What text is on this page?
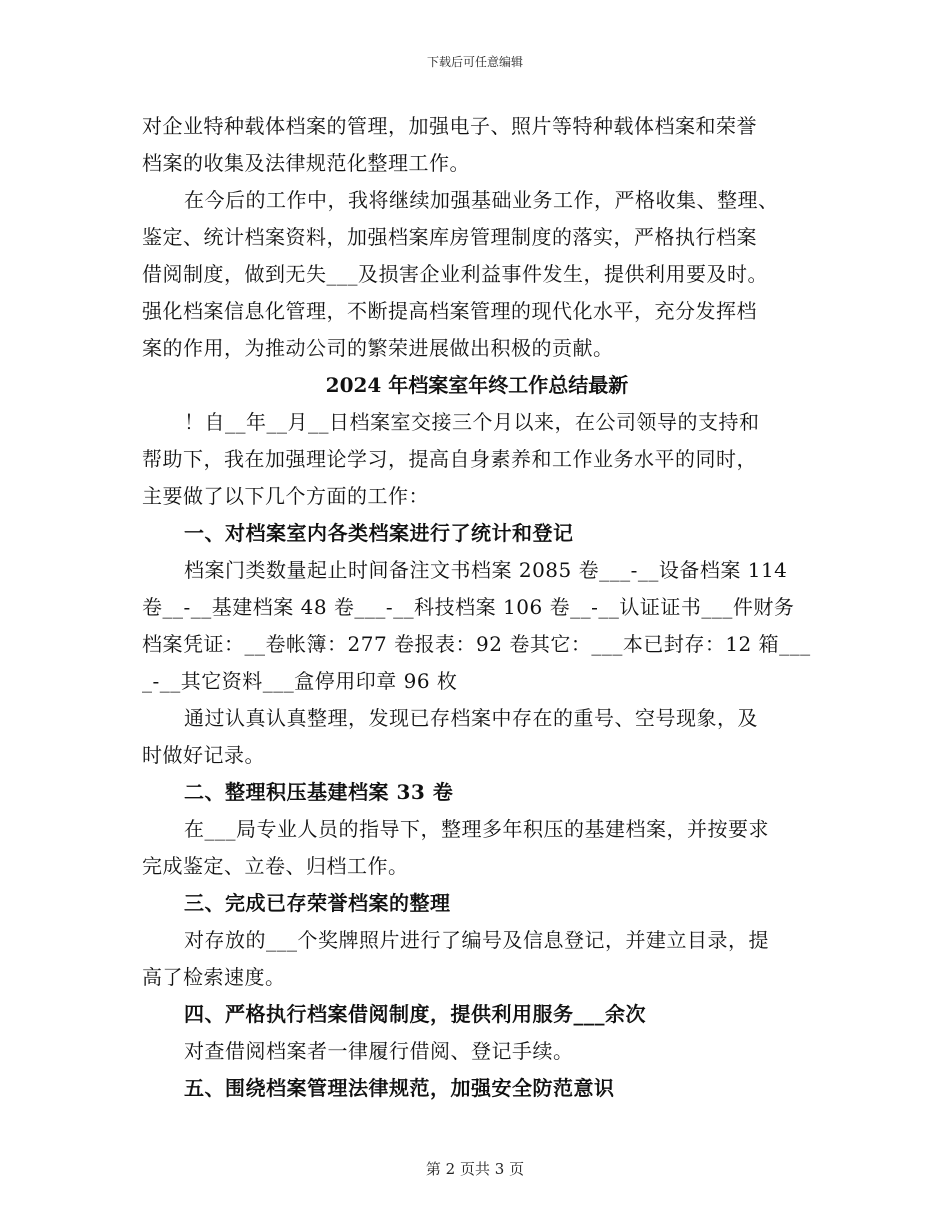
下载后可任意编辑
对企业特种载体档案的管理，加强电子、照片等特种载体档案和荣誉
档案的收集及法律规范化整理工作。
在今后的工作中，我将继续加强基础业务工作，严格收集、整理、
鉴定、统计档案资料，加强档案库房管理制度的落实，严格执行档案
借阅制度，做到无失___及损害企业利益事件发生，提供利用要及时。
强化档案信息化管理，不断提高档案管理的现代化水平，充分发挥档
案的作用，为推动公司的繁荣进展做出积极的贡献。
2024 年档案室年终工作总结最新
！自__年__月__日档案室交接三个月以来，在公司领导的支持和
帮助下，我在加强理论学习，提高自身素养和工作业务水平的同时，
主要做了以下几个方面的工作：
一、对档案室内各类档案进行了统计和登记
档案门类数量起止时间备注文书档案 2085 卷___-__设备档案 114
卷__-__基建档案 48 卷___-__科技档案 106 卷__-__认证证书___件财务
档案凭证：__卷帐簿：277 卷报表：92 卷其它：___本已封存：12 箱___
_-__其它资料___盒停用印章 96 枚
通过认真认真整理，发现已存档案中存在的重号、空号现象，及
时做好记录。
二、整理积压基建档案 33 卷
在___局专业人员的指导下，整理多年积压的基建档案，并按要求
完成鉴定、立卷、归档工作。
三、完成已存荣誉档案的整理
对存放的___个奖牌照片进行了编号及信息登记，并建立目录，提
高了检索速度。
四、严格执行档案借阅制度，提供利用服务___余次
对查借阅档案者一律履行借阅、登记手续。
五、围绕档案管理法律规范，加强安全防范意识
第 2 页共 3 页
